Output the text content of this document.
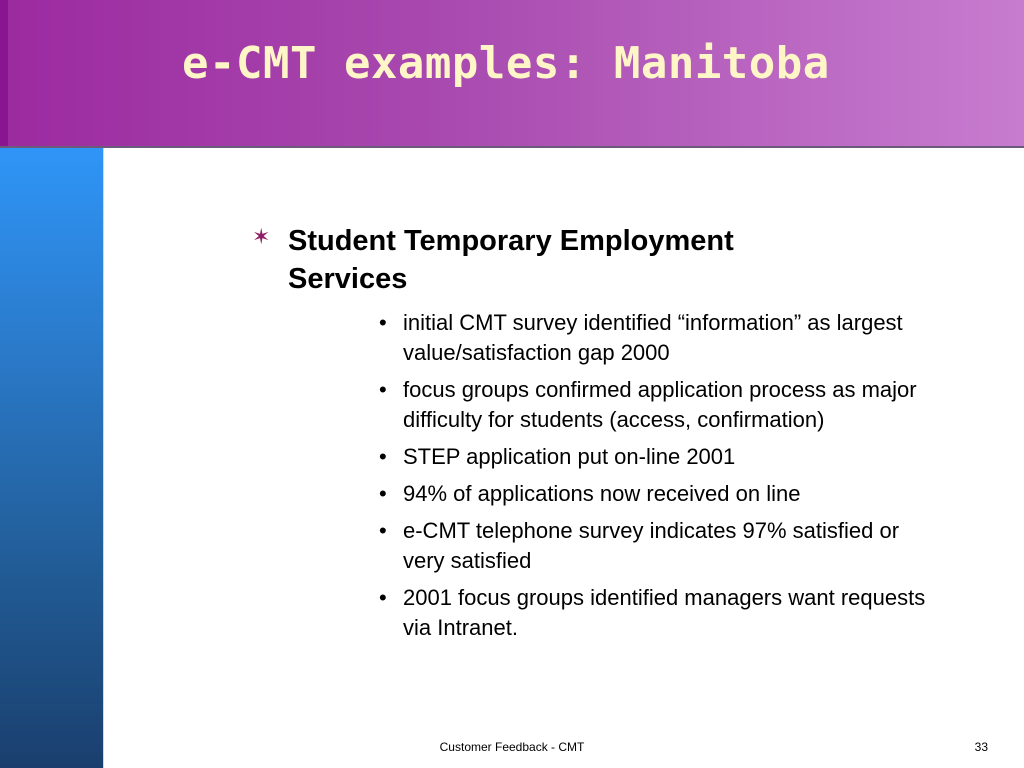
e-CMT examples: Manitoba
✶ Student Temporary Employment Services

• initial CMT survey identified “information” as largest value/satisfaction gap 2000
• focus groups confirmed application process as major difficulty for students (access, confirmation)
• STEP application put on-line 2001
• 94% of applications now received on line
• e-CMT telephone survey indicates 97% satisfied or very satisfied
• 2001 focus groups identified managers want requests via Intranet.
Customer Feedback - CMT	33
